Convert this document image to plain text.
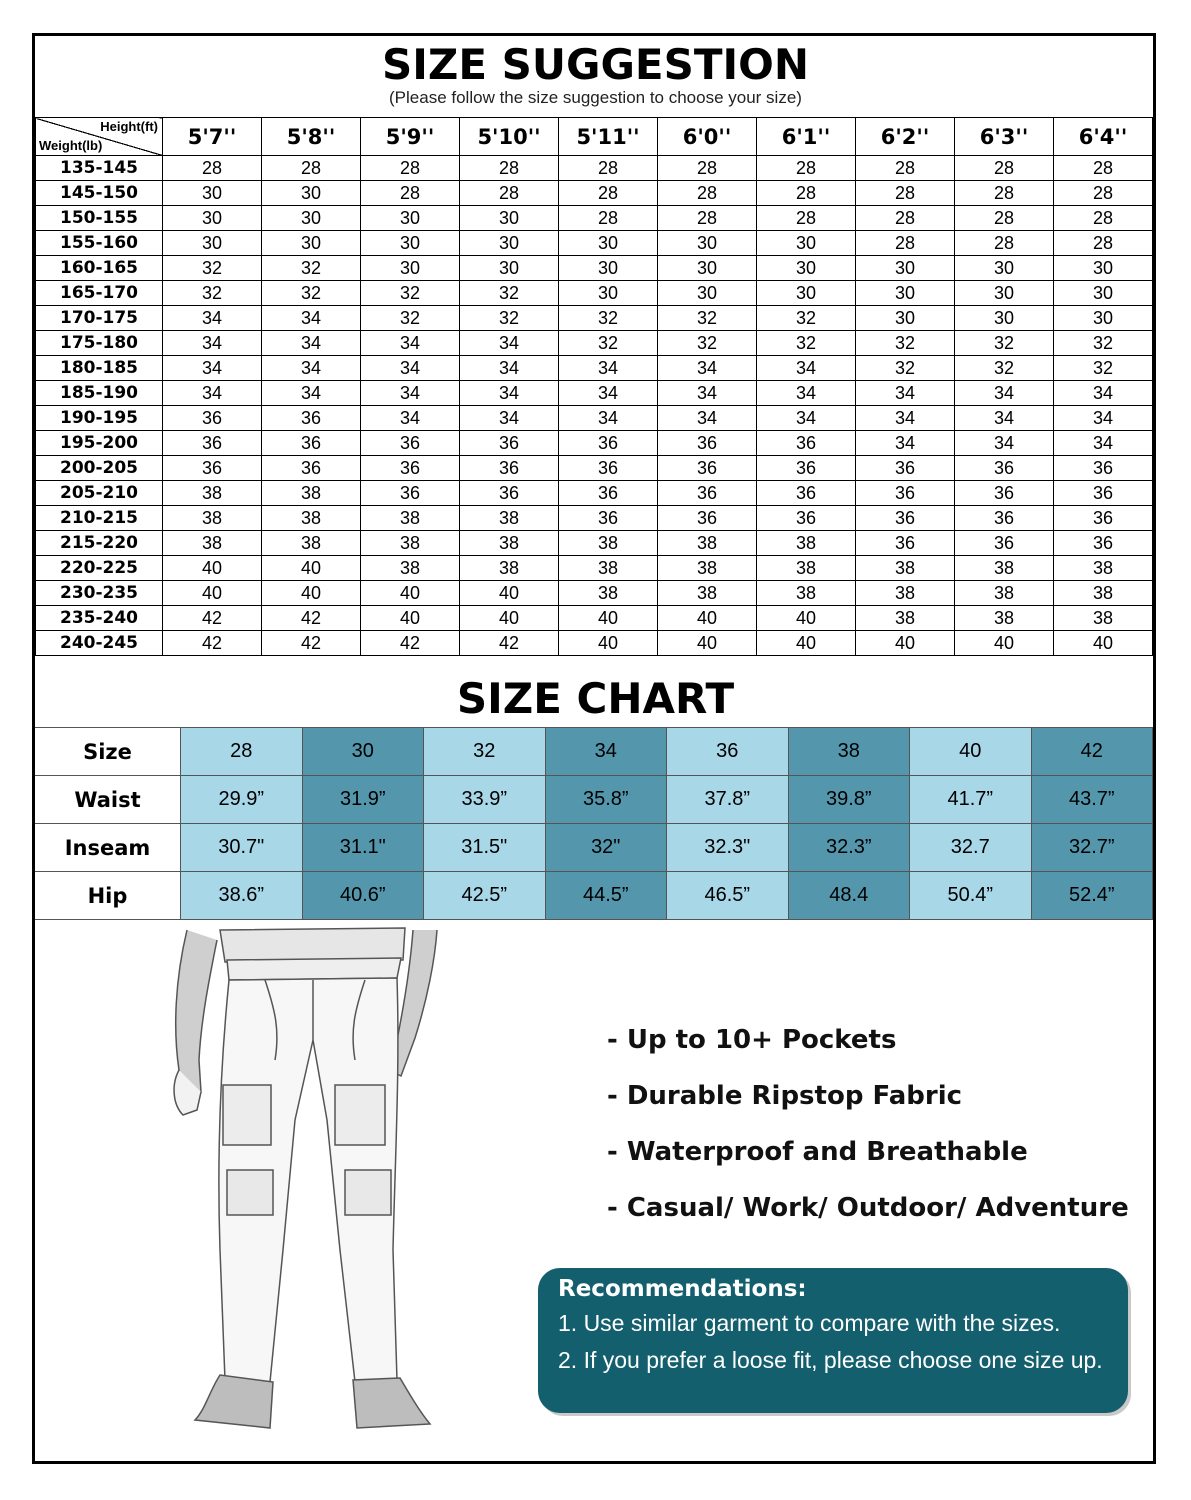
SIZE SUGGESTION
(Please follow the size suggestion to choose your size)
Height(ft)
Weight(lb)	5'7''	5'8''	5'9''	5'10''	5'11''	6'0''	6'1''	6'2''	6'3''	6'4''
135-145	28	28	28	28	28	28	28	28	28	28
145-150	30	30	28	28	28	28	28	28	28	28
150-155	30	30	30	30	28	28	28	28	28	28
155-160	30	30	30	30	30	30	30	28	28	28
160-165	32	32	30	30	30	30	30	30	30	30
165-170	32	32	32	32	30	30	30	30	30	30
170-175	34	34	32	32	32	32	32	30	30	30
175-180	34	34	34	34	32	32	32	32	32	32
180-185	34	34	34	34	34	34	34	32	32	32
185-190	34	34	34	34	34	34	34	34	34	34
190-195	36	36	34	34	34	34	34	34	34	34
195-200	36	36	36	36	36	36	36	34	34	34
200-205	36	36	36	36	36	36	36	36	36	36
205-210	38	38	36	36	36	36	36	36	36	36
210-215	38	38	38	38	36	36	36	36	36	36
215-220	38	38	38	38	38	38	38	36	36	36
220-225	40	40	38	38	38	38	38	38	38	38
230-235	40	40	40	40	38	38	38	38	38	38
235-240	42	42	40	40	40	40	40	38	38	38
240-245	42	42	42	42	40	40	40	40	40	40
SIZE CHART
Size	28	30	32	34	36	38	40	42
Waist	29.9”	31.9”	33.9”	35.8”	37.8”	39.8”	41.7”	43.7”
Inseam	30.7"	31.1"	31.5"	32"	32.3"	32.3”	32.7	32.7”
Hip	38.6”	40.6”	42.5”	44.5”	46.5”	48.4	50.4”	52.4”
- Up to 10+ Pockets
- Durable Ripstop Fabric
- Waterproof and Breathable
- Casual/ Work/ Outdoor/ Adventure
Recommendations:
1. Use similar garment to compare with the sizes.
2. If you prefer a loose fit, please choose one size up.
